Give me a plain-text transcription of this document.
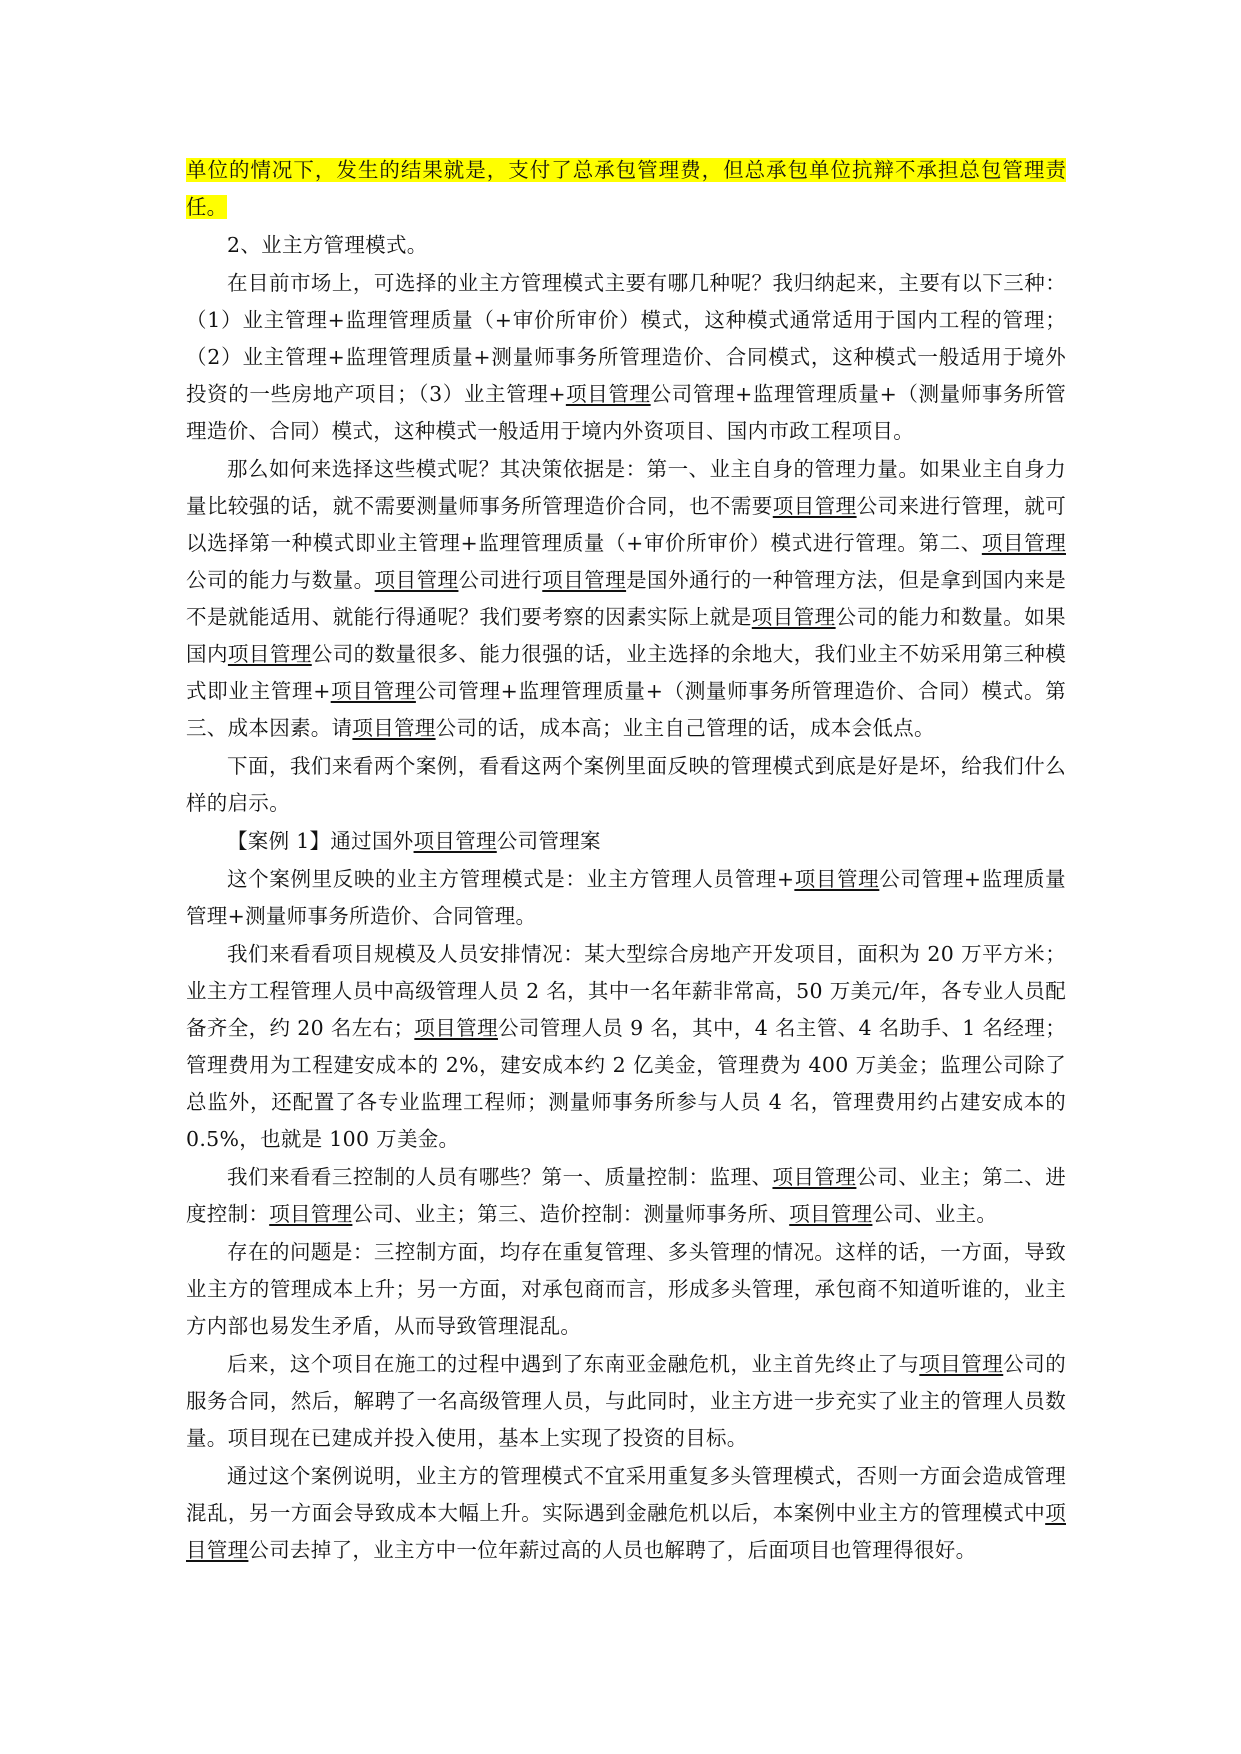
单位的情况下，发生的结果就是，支付了总承包管理费，但总承包单位抗辩不承担总包管理责任。

2、业主方管理模式。

在目前市场上，可选择的业主方管理模式主要有哪几种呢？我归纳起来，主要有以下三种：（1）业主管理+监理管理质量（+审价所审价）模式，这种模式通常适用于国内工程的管理；（2）业主管理+监理管理质量+测量师事务所管理造价、合同模式，这种模式一般适用于境外投资的一些房地产项目；（3）业主管理+项目管理公司管理+监理管理质量+（测量师事务所管理造价、合同）模式，这种模式一般适用于境内外资项目、国内市政工程项目。

那么如何来选择这些模式呢？其决策依据是：第一、业主自身的管理力量。如果业主自身力量比较强的话，就不需要测量师事务所管理造价合同，也不需要项目管理公司来进行管理，就可以选择第一种模式即业主管理+监理管理质量（+审价所审价）模式进行管理。第二、项目管理公司的能力与数量。项目管理公司进行项目管理是国外通行的一种管理方法，但是拿到国内来是不是就能适用、就能行得通呢？我们要考察的因素实际上就是项目管理公司的能力和数量。如果国内项目管理公司的数量很多、能力很强的话，业主选择的余地大，我们业主不妨采用第三种模式即业主管理+项目管理公司管理+监理管理质量+（测量师事务所管理造价、合同）模式。第三、成本因素。请项目管理公司的话，成本高；业主自己管理的话，成本会低点。

下面，我们来看两个案例，看看这两个案例里面反映的管理模式到底是好是坏，给我们什么样的启示。

【案例 1】通过国外项目管理公司管理案

这个案例里反映的业主方管理模式是：业主方管理人员管理+项目管理公司管理+监理质量管理+测量师事务所造价、合同管理。

我们来看看项目规模及人员安排情况：某大型综合房地产开发项目，面积为 20 万平方米；业主方工程管理人员中高级管理人员 2 名，其中一名年薪非常高，50 万美元/年，各专业人员配备齐全，约 20 名左右；项目管理公司管理人员 9 名，其中，4 名主管、4 名助手、1 名经理；管理费用为工程建安成本的 2%，建安成本约 2 亿美金，管理费为 400 万美金；监理公司除了总监外，还配置了各专业监理工程师；测量师事务所参与人员 4 名，管理费用约占建安成本的 0.5%，也就是 100 万美金。

我们来看看三控制的人员有哪些？第一、质量控制：监理、项目管理公司、业主；第二、进度控制：项目管理公司、业主；第三、造价控制：测量师事务所、项目管理公司、业主。

存在的问题是：三控制方面，均存在重复管理、多头管理的情况。这样的话，一方面，导致业主方的管理成本上升；另一方面，对承包商而言，形成多头管理，承包商不知道听谁的，业主方内部也易发生矛盾，从而导致管理混乱。

后来，这个项目在施工的过程中遇到了东南亚金融危机，业主首先终止了与项目管理公司的服务合同，然后，解聘了一名高级管理人员，与此同时，业主方进一步充实了业主的管理人员数量。项目现在已建成并投入使用，基本上实现了投资的目标。

通过这个案例说明，业主方的管理模式不宜采用重复多头管理模式，否则一方面会造成管理混乱，另一方面会导致成本大幅上升。实际遇到金融危机以后，本案例中业主方的管理模式中项目管理公司去掉了，业主方中一位年薪过高的人员也解聘了，后面项目也管理得很好。
